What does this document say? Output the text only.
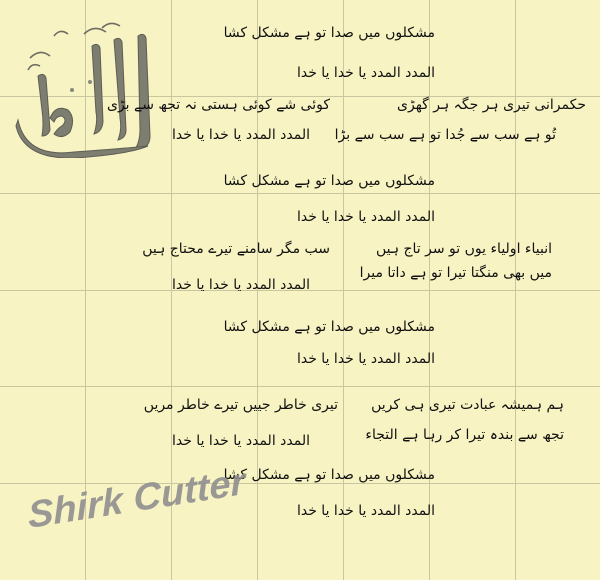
مشکلوں میں صدا تو ہے مشکل کشا
المدد المدد یا خدا یا خدا
حکمرانی تیری ہر جگہ ہر گھڑی
تُو ہے سب سے جُدا تو ہے سب سے بڑا
کوئی شے کوئی ہستی نہ تجھ سے بڑی
المدد المدد یا خدا یا خدا
مشکلوں میں صدا تو ہے مشکل کشا
المدد المدد یا خدا یا خدا
انبیاء اولیاء یوں تو سر تاج ہیں
میں بھی منگتا تیرا تو ہے داتا میرا
سب مگر سامنے تیرے محتاج ہیں
المدد المدد یا خدا یا خدا
مشکلوں میں صدا تو ہے مشکل کشا
المدد المدد یا خدا یا خدا
ہم ہمیشہ عبادت تیری ہی کریں
تجھ سے بندہ تیرا کر رہا ہے التجاء
تیری خاطر جییں تیرے خاطر مریں
المدد المدد یا خدا یا خدا
مشکلوں میں صدا تو ہے مشکل کشا
المدد المدد یا خدا یا خدا
Shirk Cutter
